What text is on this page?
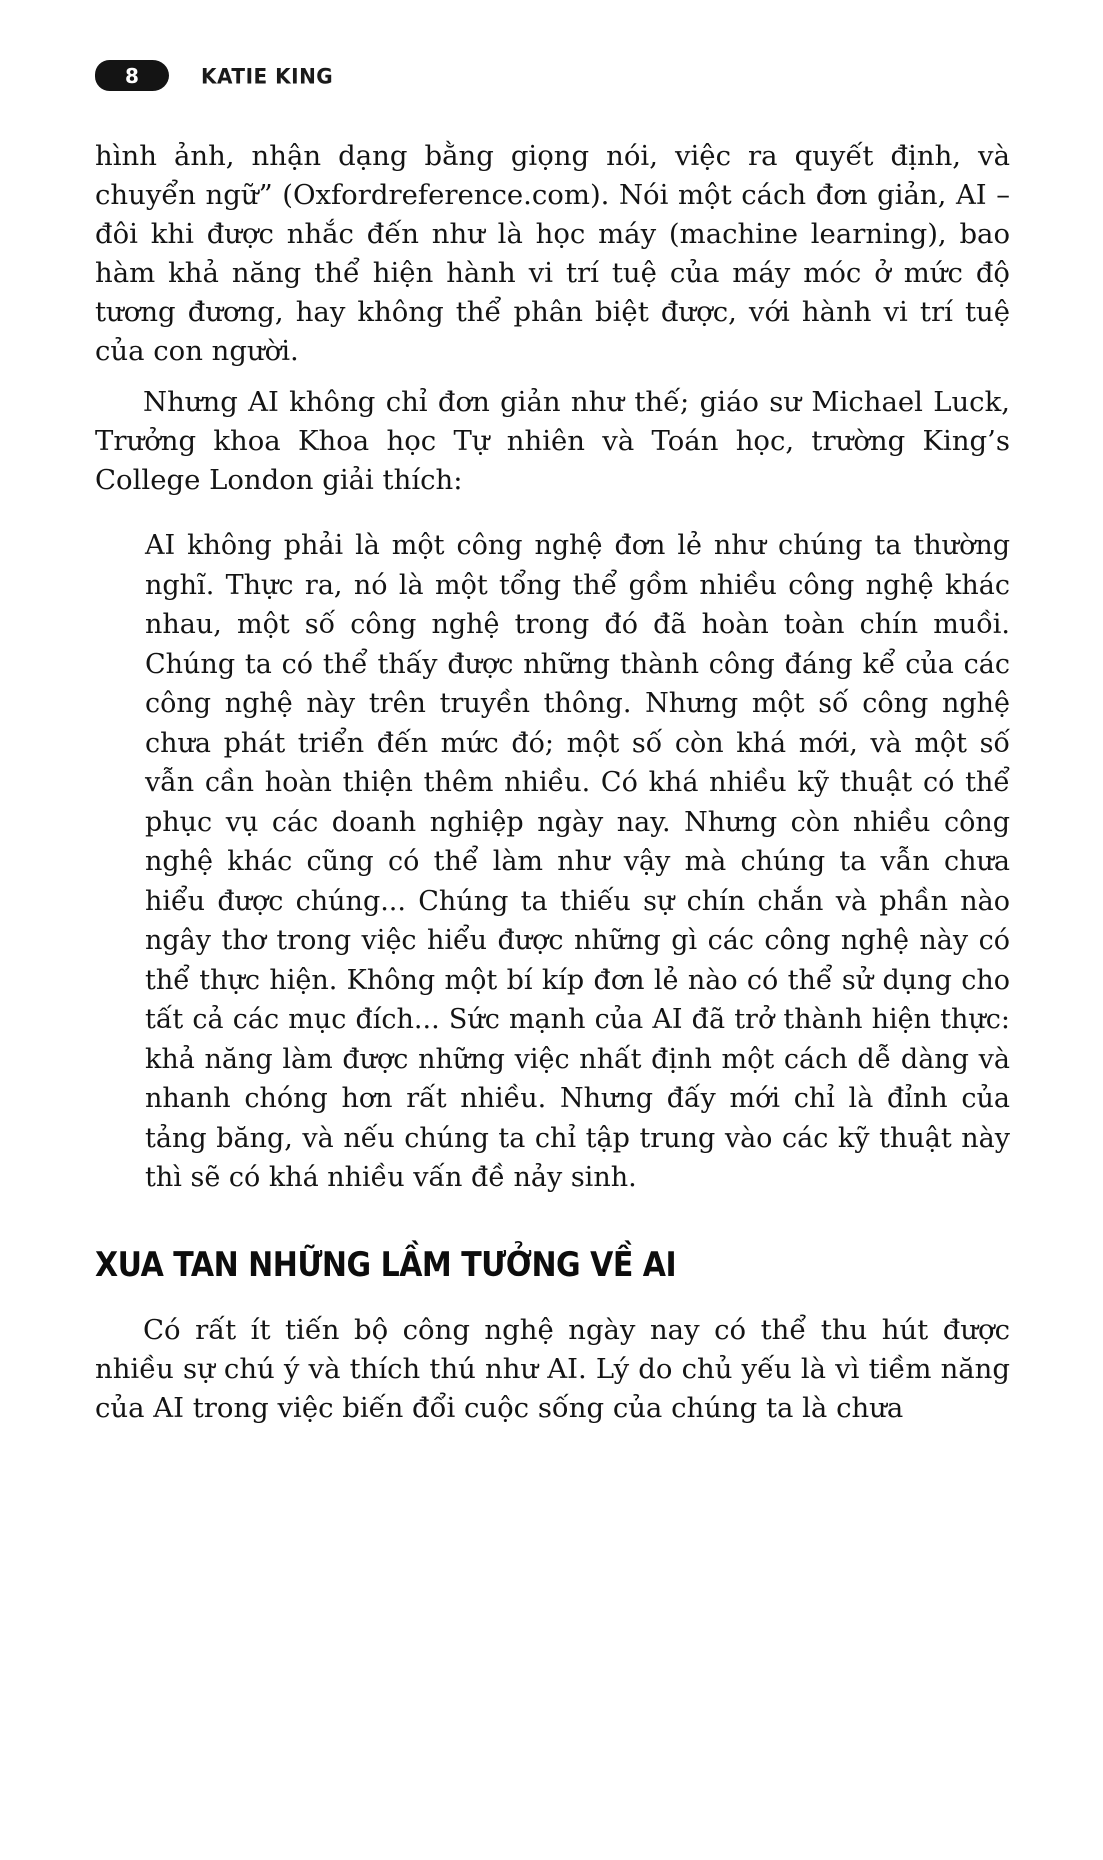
8	KATIE KING

hình ảnh, nhận dạng bằng giọng nói, việc ra quyết định, và chuyển ngữ” (Oxfordreference.com). Nói một cách đơn giản, AI – đôi khi được nhắc đến như là học máy (machine learning), bao hàm khả năng thể hiện hành vi trí tuệ của máy móc ở mức độ tương đương, hay không thể phân biệt được, với hành vi trí tuệ của con người.

Nhưng AI không chỉ đơn giản như thế; giáo sư Michael Luck, Trưởng khoa Khoa học Tự nhiên và Toán học, trường King’s College London giải thích:

AI không phải là một công nghệ đơn lẻ như chúng ta thường nghĩ. Thực ra, nó là một tổng thể gồm nhiều công nghệ khác nhau, một số công nghệ trong đó đã hoàn toàn chín muồi. Chúng ta có thể thấy được những thành công đáng kể của các công nghệ này trên truyền thông. Nhưng một số công nghệ chưa phát triển đến mức đó; một số còn khá mới, và một số vẫn cần hoàn thiện thêm nhiều. Có khá nhiều kỹ thuật có thể phục vụ các doanh nghiệp ngày nay. Nhưng còn nhiều công nghệ khác cũng có thể làm như vậy mà chúng ta vẫn chưa hiểu được chúng... Chúng ta thiếu sự chín chắn và phần nào ngây thơ trong việc hiểu được những gì các công nghệ này có thể thực hiện. Không một bí kíp đơn lẻ nào có thể sử dụng cho tất cả các mục đích... Sức mạnh của AI đã trở thành hiện thực: khả năng làm được những việc nhất định một cách dễ dàng và nhanh chóng hơn rất nhiều. Nhưng đấy mới chỉ là đỉnh của tảng băng, và nếu chúng ta chỉ tập trung vào các kỹ thuật này thì sẽ có khá nhiều vấn đề nảy sinh.
XUA TAN NHỮNG LẦM TƯỞNG VỀ AI

Có rất ít tiến bộ công nghệ ngày nay có thể thu hút được nhiều sự chú ý và thích thú như AI. Lý do chủ yếu là vì tiềm năng của AI trong việc biến đổi cuộc sống của chúng ta là chưa
